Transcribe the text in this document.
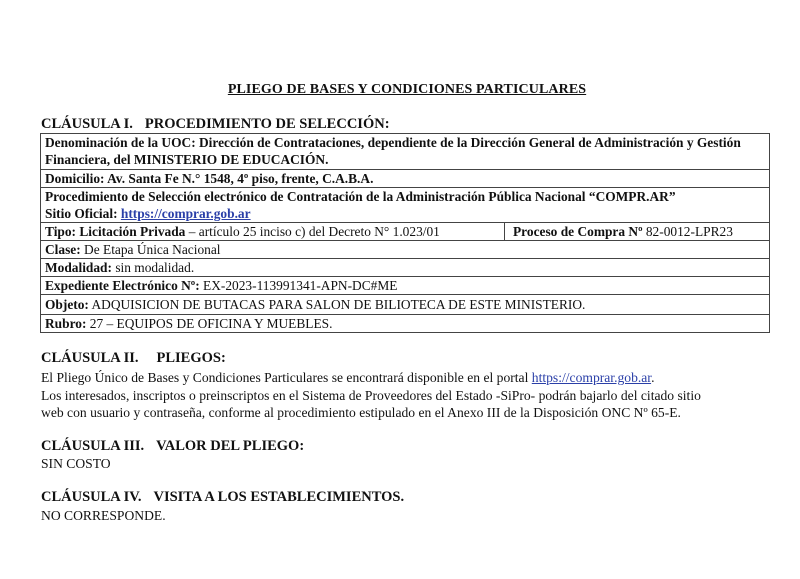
PLIEGO DE BASES Y CONDICIONES PARTICULARES
CLÁUSULA I. PROCEDIMIENTO DE SELECCIÓN:
Denominación de la UOC: Dirección de Contrataciones, dependiente de la Dirección General de Administración y Gestión Financiera, del MINISTERIO DE EDUCACIÓN.
Domicilio: Av. Santa Fe N.° 1548, 4º piso, frente, C.A.B.A.
Procedimiento de Selección electrónico de Contratación de la Administración Pública Nacional “COMPR.AR”
Sitio Oficial: https://comprar.gob.ar
Tipo: Licitación Privada – artículo 25 inciso c) del Decreto N° 1.023/01	Proceso de Compra Nº 82-0012-LPR23
Clase: De Etapa Única Nacional
Modalidad: sin modalidad.
Expediente Electrónico Nº: EX-2023-113991341-APN-DC#ME
Objeto: ADQUISICION DE BUTACAS PARA SALON DE BILIOTECA DE ESTE MINISTERIO.
Rubro: 27 – EQUIPOS DE OFICINA Y MUEBLES.
CLÁUSULA II. PLIEGOS:

El Pliego Único de Bases y Condiciones Particulares se encontrará disponible en el portal https://comprar.gob.ar.
Los interesados, inscriptos o preinscriptos en el Sistema de Proveedores del Estado -SiPro- podrán bajarlo del citado sitio
web con usuario y contraseña, conforme al procedimiento estipulado en el Anexo III de la Disposición ONC Nº 65-E.

CLÁUSULA III. VALOR DEL PLIEGO:

SIN COSTO

CLÁUSULA IV. VISITA A LOS ESTABLECIMIENTOS.

NO CORRESPONDE.
